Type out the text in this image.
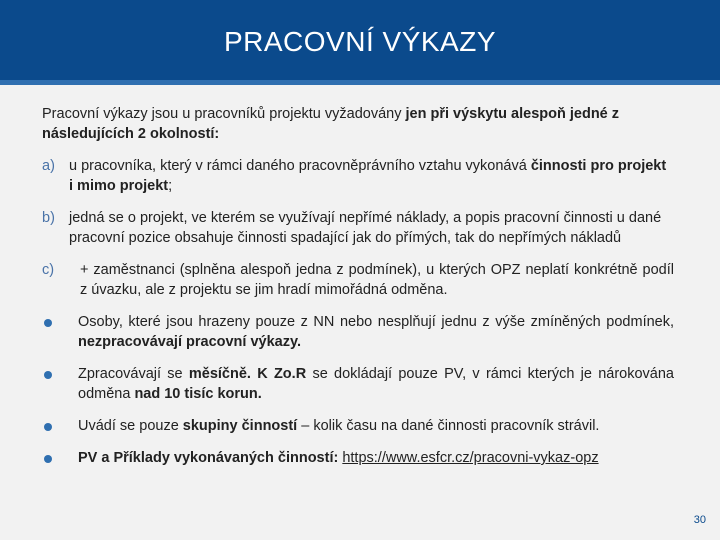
PRACOVNÍ VÝKAZY

Pracovní výkazy jsou u pracovníků projektu vyžadovány jen při výskytu alespoň jedné z následujících 2 okolností:

a) u pracovníka, který v rámci daného pracovněprávního vztahu vykonává činnosti pro projekt i mimo projekt;
b) jedná se o projekt, ve kterém se využívají nepřímé náklady, a popis pracovní činnosti u dané pracovní pozice obsahuje činnosti spadající jak do přímých, tak do nepřímých nákladů
c) + zaměstnanci (splněna alespoň jedna z podmínek), u kterých OPZ neplatí konkrétně podíl z úvazku, ale z projektu se jim hradí mimořádná odměna.
Osoby, které jsou hrazeny pouze z NN nebo nesplňují jednu z výše zmíněných podmínek, nezpracovávají pracovní výkazy.
Zpracovávají se měsíčně. K Zo.R se dokládají pouze PV, v rámci kterých je nárokována odměna nad 10 tisíc korun.
Uvádí se pouze skupiny činností – kolik času na dané činnosti pracovník strávil.
PV a Příklady vykonávaných činností: https://www.esfcr.cz/pracovni-vykaz-opz
30
